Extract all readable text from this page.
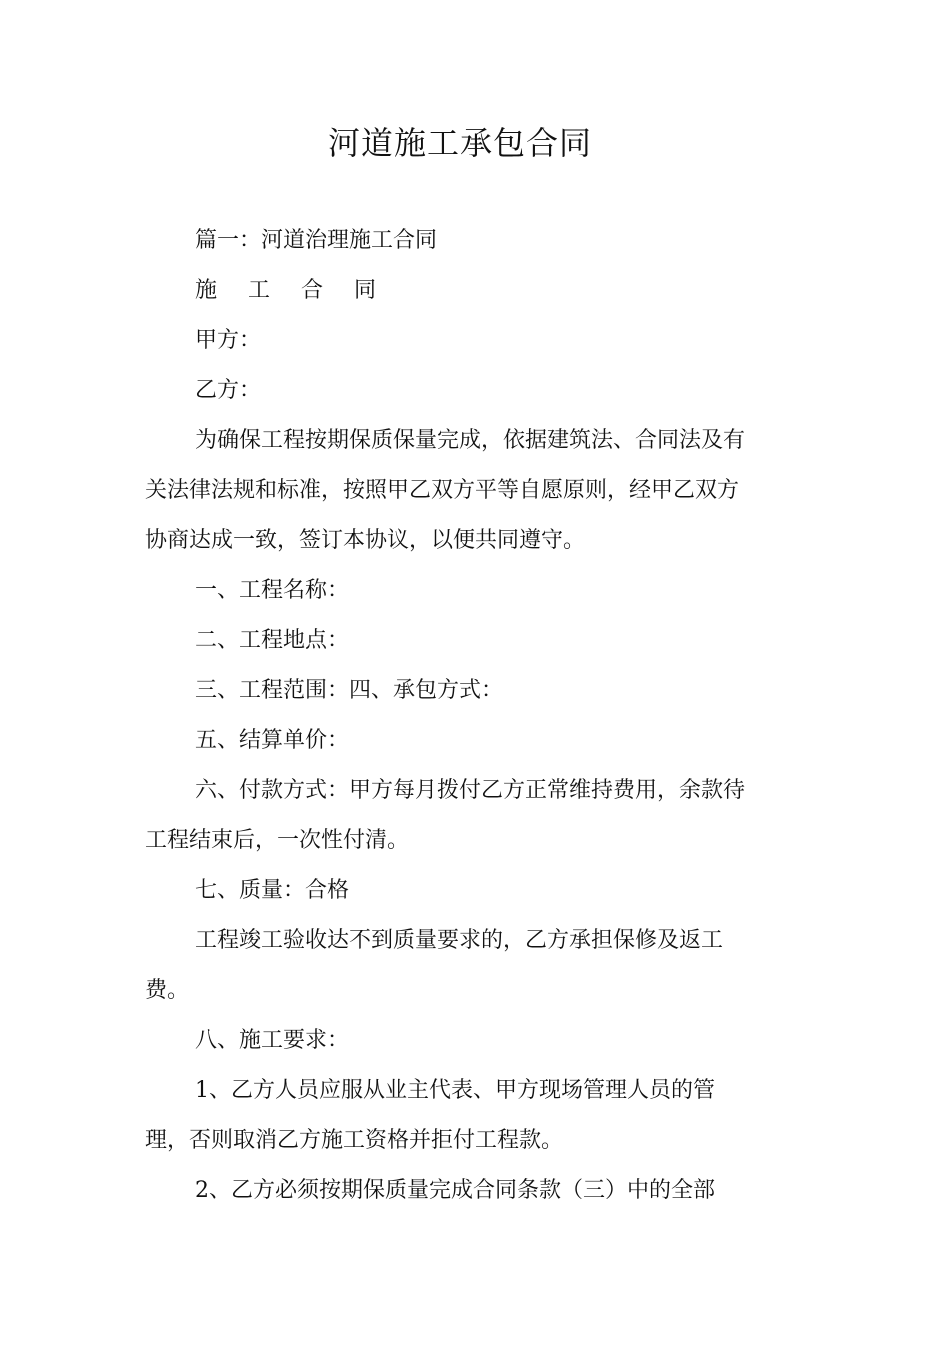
河道施工承包合同

篇一：河道治理施工合同

施 工 合 同

甲方：

乙方：

为确保工程按期保质保量完成，依据建筑法、合同法及有关法律法规和标准，按照甲乙双方平等自愿原则，经甲乙双方协商达成一致，签订本协议，以便共同遵守。

一、工程名称：

二、工程地点：

三、工程范围：四、承包方式：

五、结算单价：

六、付款方式：甲方每月拨付乙方正常维持费用，余款待工程结束后，一次性付清。

七、质量：合格

工程竣工验收达不到质量要求的，乙方承担保修及返工费。

八、施工要求：

1、乙方人员应服从业主代表、甲方现场管理人员的管理，否则取消乙方施工资格并拒付工程款。

2、乙方必须按期保质量完成合同条款（三）中的全部
